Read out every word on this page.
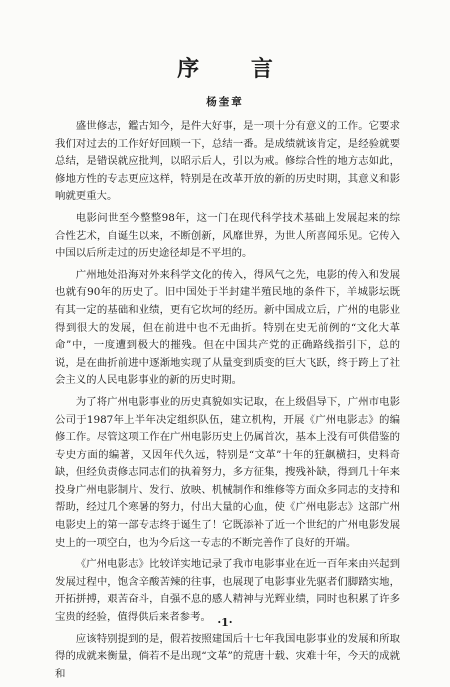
序 言
杨奎章

盛世修志，鑑古知今，是件大好事，是一项十分有意义的工作。它要求我们对过去的工作好好回顾一下，总结一番。是成绩就该肯定，是经验就要总结，是错误就应批判，以昭示后人，引以为戒。修综合性的地方志如此，修地方性的专志更应这样，特别是在改革开放的新的历史时期，其意义和影响就更重大。

电影问世至今整整98年，这一门在现代科学技术基础上发展起来的综合性艺术，自诞生以来，不断创新，风靡世界，为世人所喜闻乐见。它传入中国以后所走过的历史途径却是不平坦的。

广州地处沿海对外来科学文化的传入，得风气之先，电影的传入和发展也就有90年的历史了。旧中国处于半封建半殖民地的条件下，羊城影坛既有其一定的基础和业绩，更有它坎坷的经历。新中国成立后，广州的电影业得到很大的发展，但在前进中也不无曲折。特别在史无前例的“文化大革命”中，一度遭到极大的摧残。但在中国共产党的正确路线指引下，总的说，是在曲折前进中逐渐地实现了从量变到质变的巨大飞跃，终于跨上了社会主义的人民电影事业的新的历史时期。

为了将广州电影事业的历史真貌如实记取，在上级倡导下，广州市电影公司于1987年上半年决定组织队伍，建立机构，开展《广州电影志》的编修工作。尽管这项工作在广州电影历史上仍属首次，基本上没有可供借鉴的专史方面的编著，又因年代久远，特别是“文革”十年的狂飙横扫，史料奇缺，但经负责修志同志们的执着努力，多方征集，搜残补缺，得到几十年来投身广州电影制片、发行、放映、机械制作和维修等方面众多同志的支持和帮助，经过几个寒暑的努力，付出大量的心血，使《广州电影志》这部广州电影史上的第一部专志终于诞生了！它既添补了近一个世纪的广州电影发展史上的一项空白，也为今后这一专志的不断完善作了良好的开端。

《广州电影志》比较详实地记录了我市电影事业在近一百年来由兴起到发展过程中，饱含辛酸苦辣的往事，也展现了电影事业先驱者们脚踏实地，开拓拼搏，艰苦奋斗，自强不息的感人精神与光辉业绩，同时也积累了许多宝贵的经验，值得供后来者参考。

应该特别提到的是，假若按照建国后十七年我国电影事业的发展和所取得的成就来衡量，倘若不是出现“文革”的荒唐十载、灾难十年，今天的成就和

·1·
